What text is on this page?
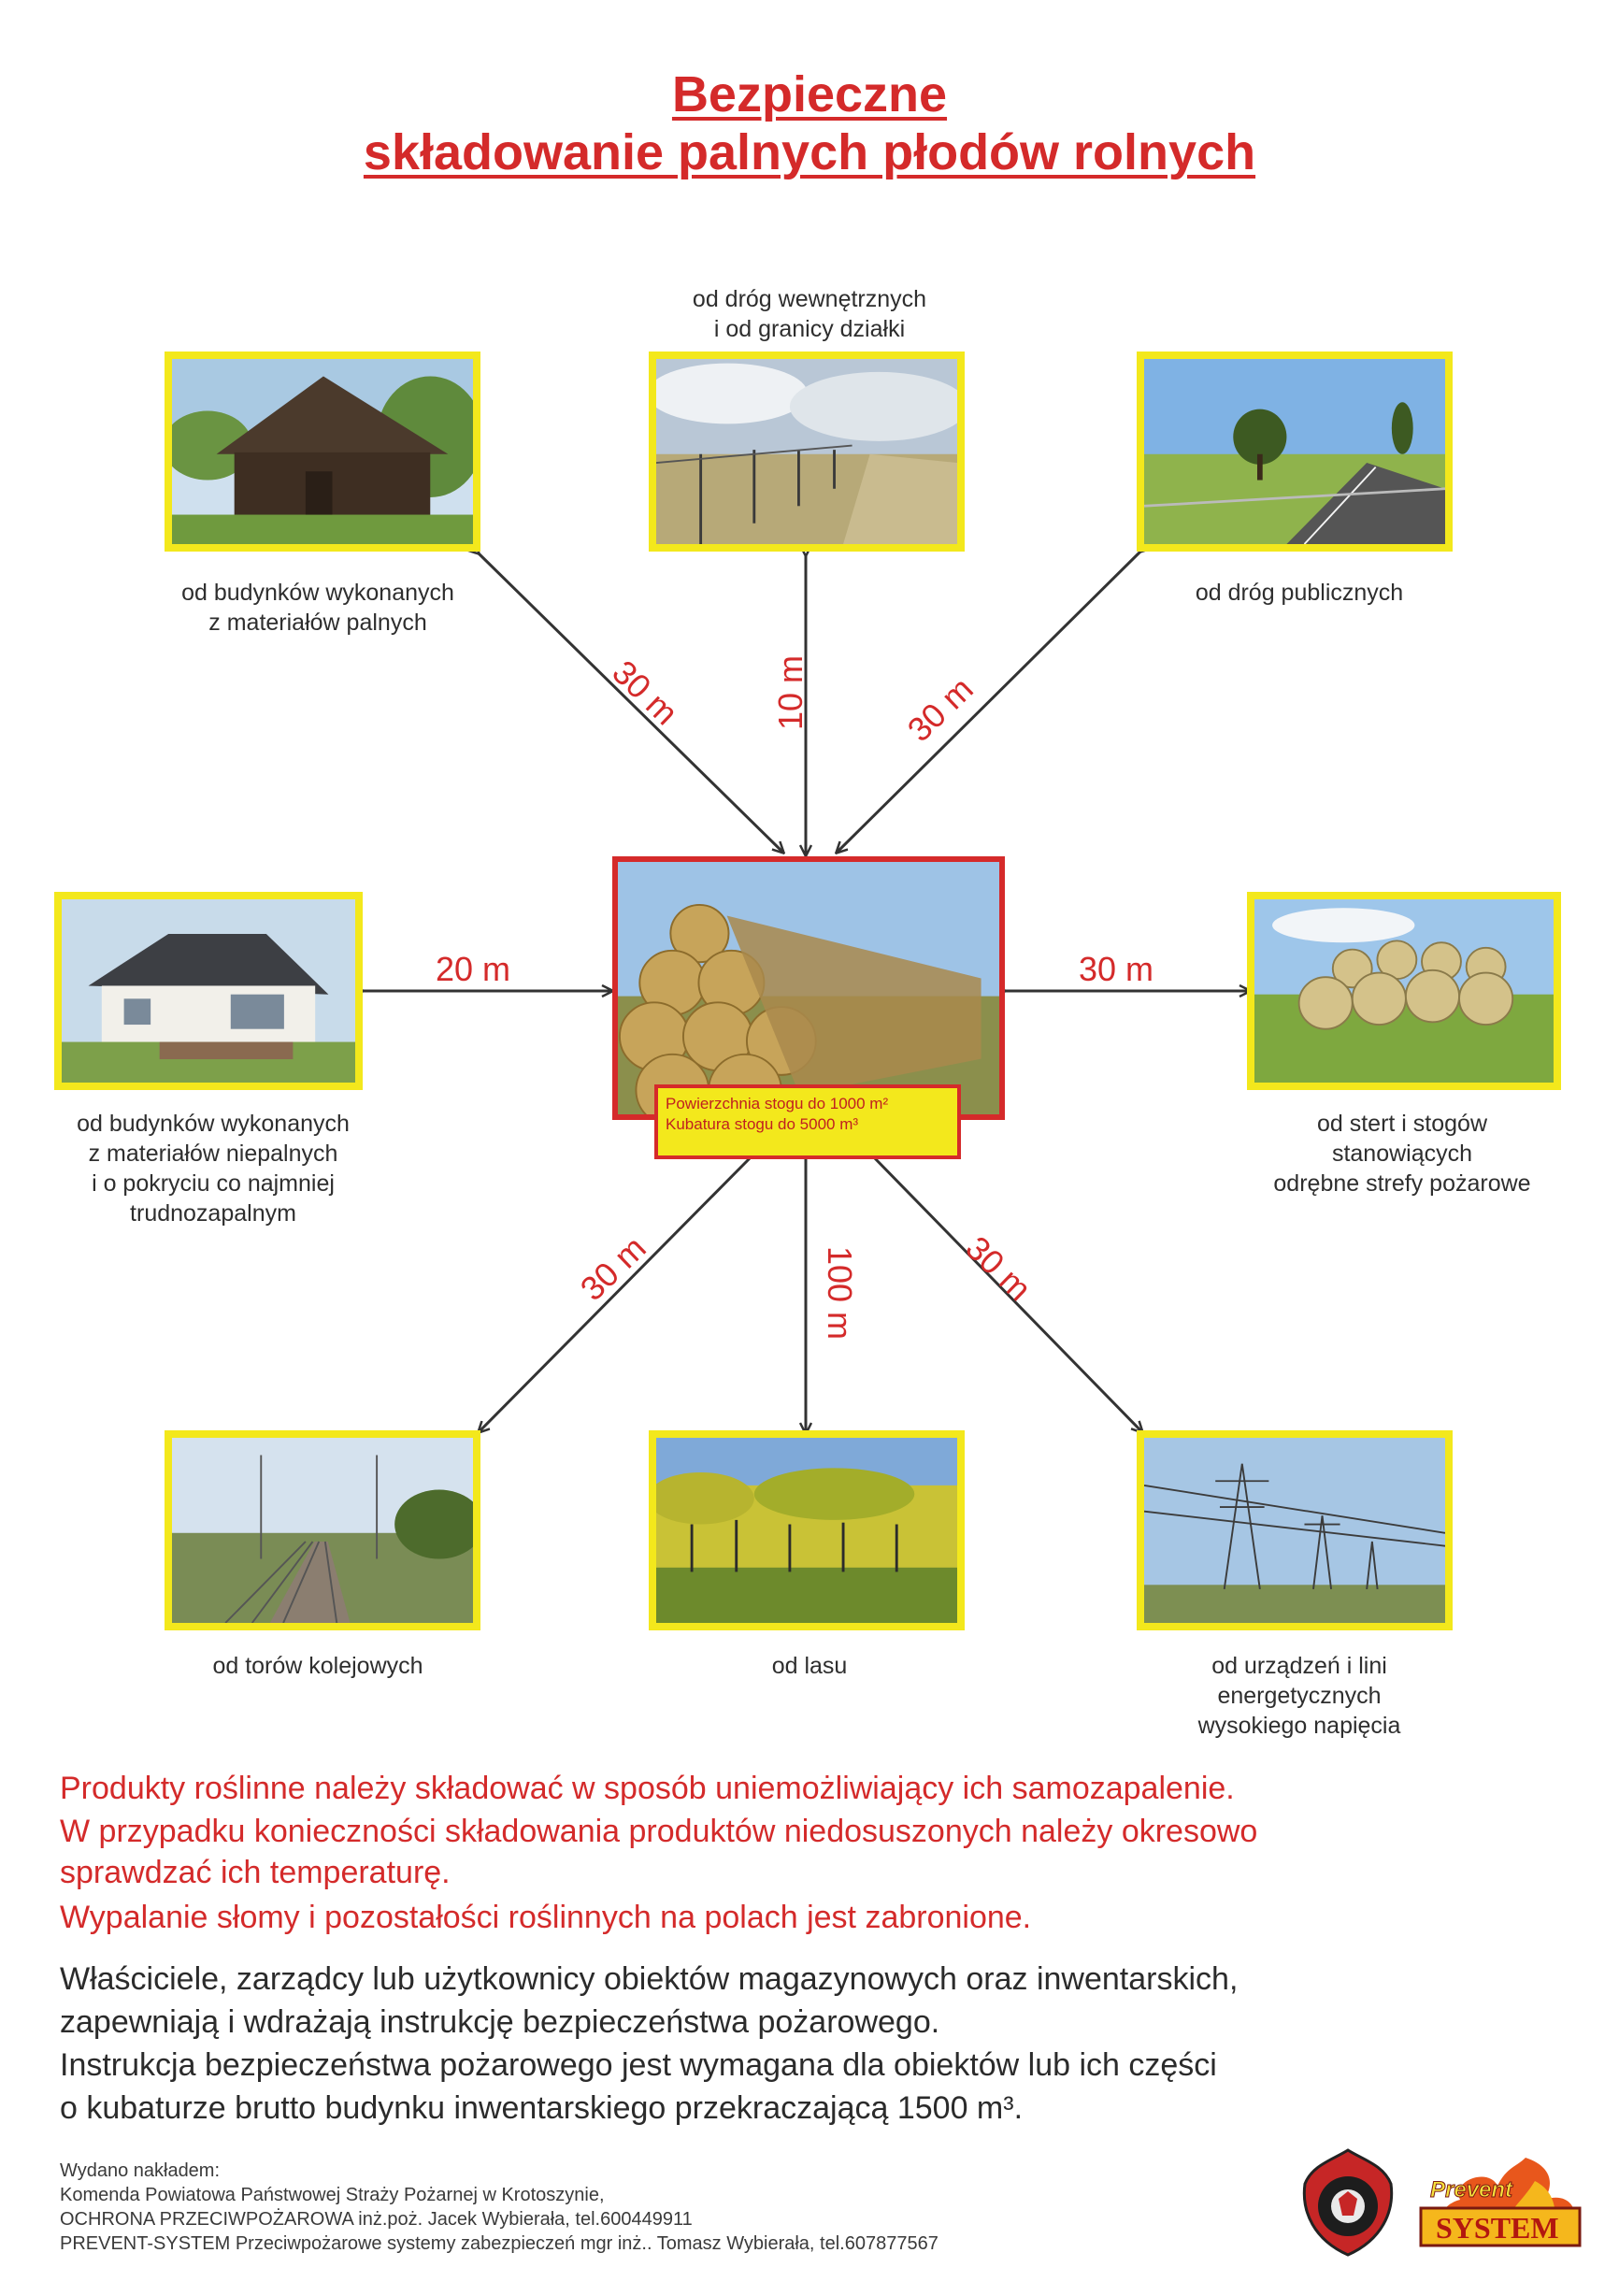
Bezpieczne
składowanie palnych płodów rolnych
Powierzchnia stogu do 1000 m²
Kubatura stogu do 5000 m³
od budynków wykonanych
z materiałów palnych
od dróg wewnętrznych
i od granicy działki
od dróg publicznych
od budynków wykonanych
z materiałów niepalnych
i o pokryciu co najmniej
trudnozapalnym
od stert i stogów
stanowiących
odrębne strefy pożarowe
od torów kolejowych	od lasu	od urządzeń i lini
energetycznych
wysokiego napięcia
30 m	10 m	30 m
20 m	30 m
30 m	100 m	30 m
Produkty roślinne należy składować w sposób uniemożliwiający ich samozapalenie.
W przypadku konieczności składowania produktów niedosuszonych należy okresowo
sprawdzać ich temperaturę.
Wypalanie słomy i pozostałości roślinnych na polach jest zabronione.
Właściciele, zarządcy lub użytkownicy obiektów magazynowych oraz inwentarskich,
zapewniają i wdrażają instrukcję bezpieczeństwa pożarowego.
Instrukcja bezpieczeństwa pożarowego jest wymagana dla obiektów lub ich części
o kubaturze brutto budynku inwentarskiego przekraczającą 1500 m³.
Wydano nakładem:
Komenda Powiatowa Państwowej Straży Pożarnej w Krotoszynie,
OCHRONA PRZECIWPOŻAROWA inż.poż. Jacek Wybierała, tel.600449911
PREVENT-SYSTEM Przeciwpożarowe systemy zabezpieczeń mgr inż.. Tomasz Wybierała, tel.607877567
Prevent
SYSTEM
